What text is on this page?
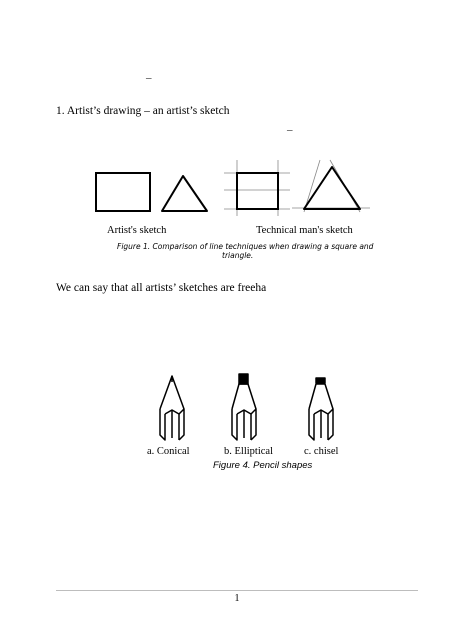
–
1. Artist’s drawing – an artist’s sketch
–
Artist's sketch	Technical man's sketch
Figure 1. Comparison of line techniques when drawing a square and
triangle.
We can say that all artists’ sketches are freeha
a. Conical	b. Elliptical	c. chisel
Figure 4. Pencil shapes
1
